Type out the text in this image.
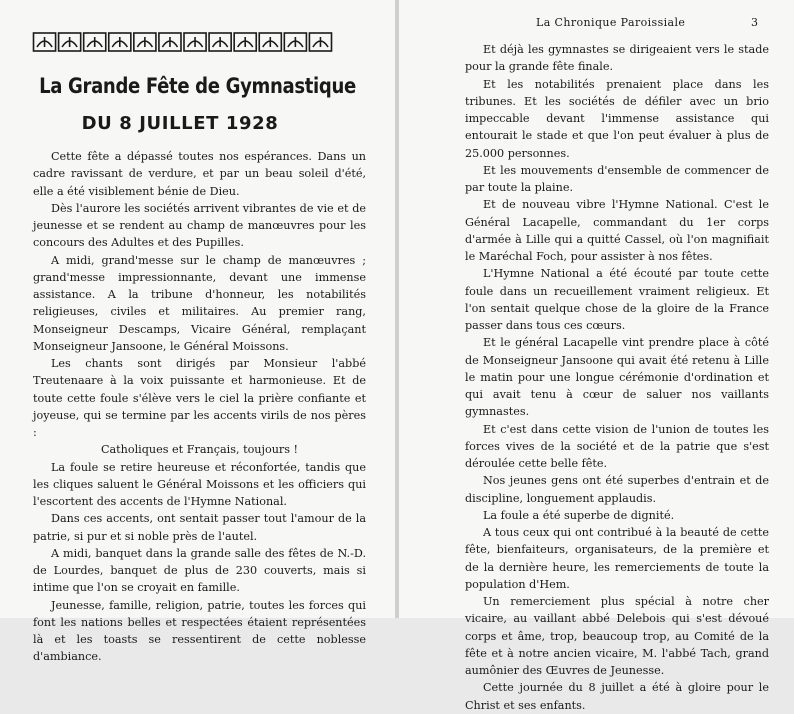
La Grande Fête de Gymnastique
DU 8 JUILLET 1928

Cette fête a dépassé toutes nos espérances. Dans un cadre ravissant de verdure, et par un beau soleil d'été, elle a été visiblement bénie de Dieu.

Dès l'aurore les sociétés arrivent vibrantes de vie et de jeunesse et se rendent au champ de manœuvres pour les concours des Adultes et des Pupilles.

A midi, grand'messe sur le champ de manœuvres ; grand'messe impressionnante, devant une immense assistance. A la tribune d'honneur, les notabilités religieuses, civiles et militaires. Au premier rang, Monseigneur Descamps, Vicaire Général, remplaçant Monseigneur Jansoone, le Général Moissons.

Les chants sont dirigés par Monsieur l'abbé Treutenaare à la voix puissante et harmonieuse. Et de toute cette foule s'élève vers le ciel la prière confiante et joyeuse, qui se termine par les accents virils de nos pères :

Catholiques et Français, toujours !

La foule se retire heureuse et réconfortée, tandis que les cliques saluent le Général Moissons et les officiers qui l'escortent des accents de l'Hymne National.

Dans ces accents, ont sentait passer tout l'amour de la patrie, si pur et si noble près de l'autel.

A midi, banquet dans la grande salle des fêtes de N.-D. de Lourdes, banquet de plus de 230 couverts, mais si intime que l'on se croyait en famille.

Jeunesse, famille, religion, patrie, toutes les forces qui font les nations belles et respectées étaient représentées là et les toasts se ressentirent de cette noblesse d'ambiance.

La Chronique Paroissiale	3

Et déjà les gymnastes se dirigeaient vers le stade pour la grande fête finale.

Et les notabilités prenaient place dans les tribunes. Et les sociétés de défiler avec un brio impeccable devant l'immense assistance qui entourait le stade et que l'on peut évaluer à plus de 25.000 personnes.

Et les mouvements d'ensemble de commencer de par toute la plaine.

Et de nouveau vibre l'Hymne National. C'est le Général Lacapelle, commandant du 1er corps d'armée à Lille qui a quitté Cassel, où l'on magnifiait le Maréchal Foch, pour assister à nos fêtes.

L'Hymne National a été écouté par toute cette foule dans un recueillement vraiment religieux. Et l'on sentait quelque chose de la gloire de la France passer dans tous ces cœurs.

Et le général Lacapelle vint prendre place à côté de Monseigneur Jansoone qui avait été retenu à Lille le matin pour une longue cérémonie d'ordination et qui avait tenu à cœur de saluer nos vaillants gymnastes.

Et c'est dans cette vision de l'union de toutes les forces vives de la société et de la patrie que s'est déroulée cette belle fête.

Nos jeunes gens ont été superbes d'entrain et de discipline, longuement applaudis.

La foule a été superbe de dignité.

A tous ceux qui ont contribué à la beauté de cette fête, bienfaiteurs, organisateurs, de la première et de la dernière heure, les remerciements de toute la population d'Hem.

Un remerciement plus spécial à notre cher vicaire, au vaillant abbé Delebois qui s'est dévoué corps et âme, trop, beaucoup trop, au Comité de la fête et à notre ancien vicaire, M. l'abbé Tach, grand aumônier des Œuvres de Jeunesse.

Cette journée du 8 juillet a été à gloire pour le Christ et ses enfants.
